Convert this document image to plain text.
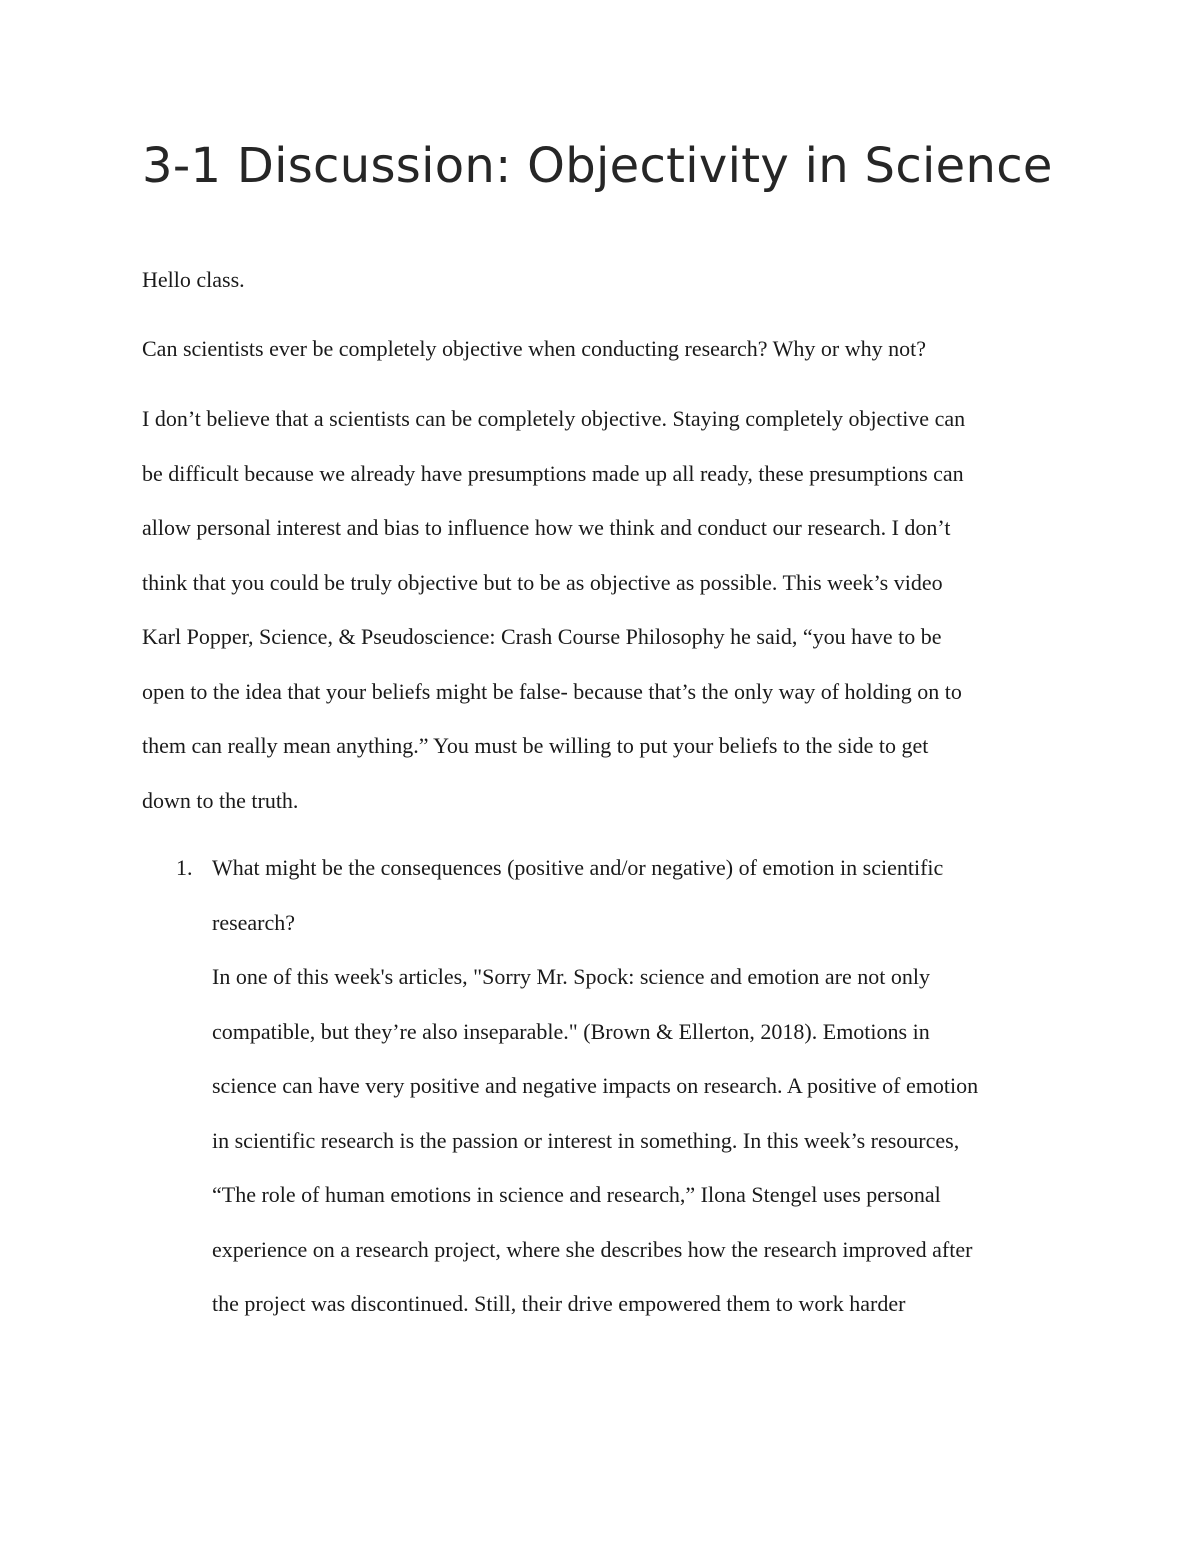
3-1 Discussion: Objectivity in Science

Hello class.

Can scientists ever be completely objective when conducting research? Why or why not?

I don’t believe that a scientists can be completely objective. Staying completely objective can
be difficult because we already have presumptions made up all ready, these presumptions can
allow personal interest and bias to influence how we think and conduct our research. I don’t
think that you could be truly objective but to be as objective as possible. This week’s video
Karl Popper, Science, & Pseudoscience: Crash Course Philosophy he said, “you have to be
open to the idea that your beliefs might be false- because that’s the only way of holding on to
them can really mean anything.” You must be willing to put your beliefs to the side to get
down to the truth.

1. What might be the consequences (positive and/or negative) of emotion in scientific
research?
In one of this week's articles, "Sorry Mr. Spock: science and emotion are not only
compatible, but they’re also inseparable." (Brown & Ellerton, 2018). Emotions in
science can have very positive and negative impacts on research. A positive of emotion
in scientific research is the passion or interest in something. In this week’s resources,
“The role of human emotions in science and research,” Ilona Stengel uses personal
experience on a research project, where she describes how the research improved after
the project was discontinued. Still, their drive empowered them to work harder
